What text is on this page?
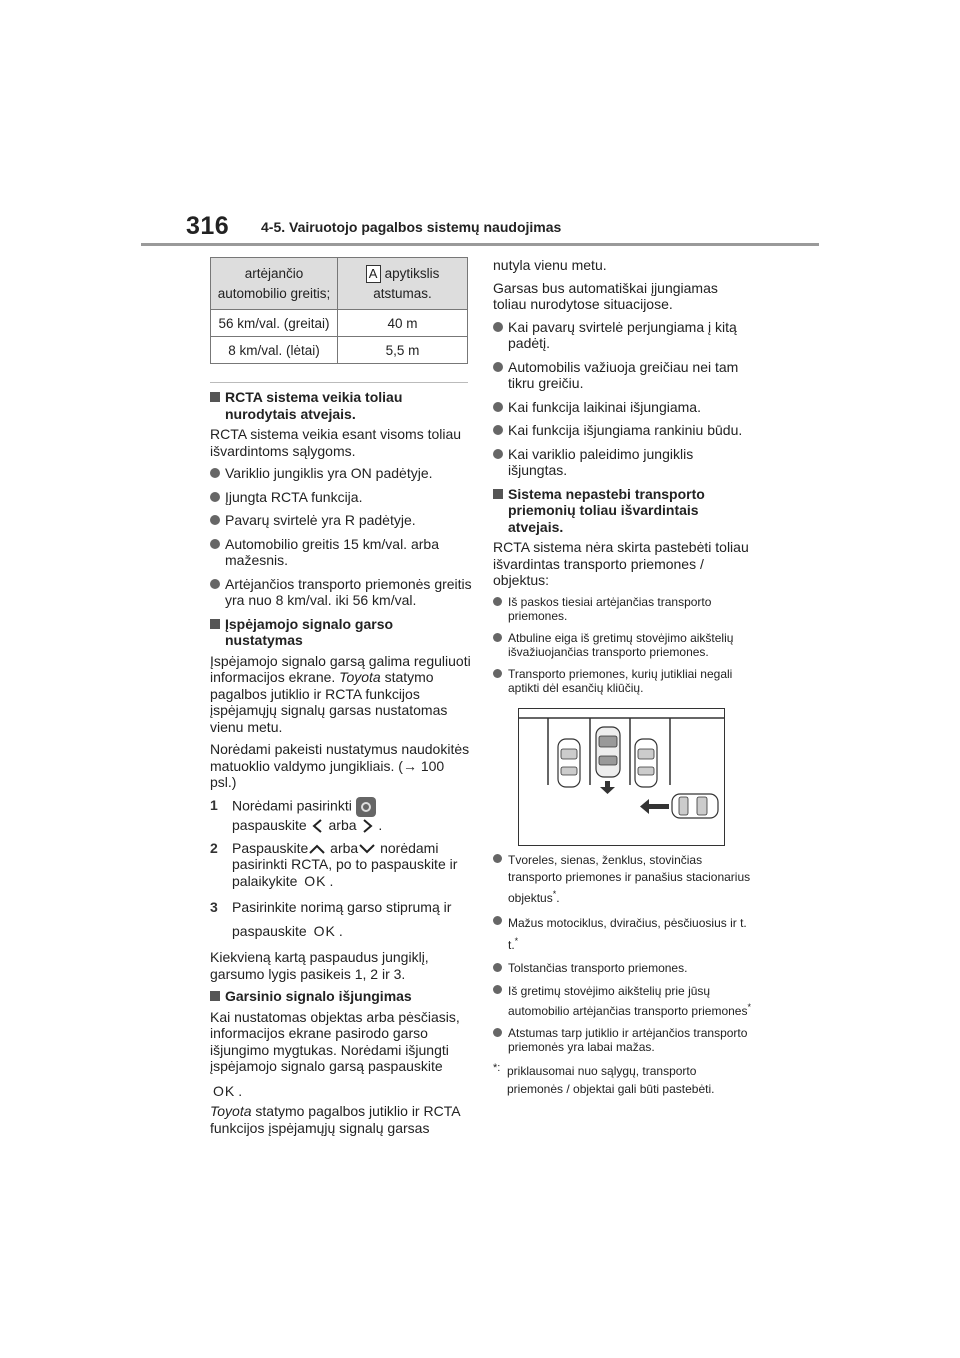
316 4-5. Vairuotojo pagalbos sistemų naudojimas
artėjančio automobilio greitis;	A apytikslis atstumas.
56 km/val. (greitai)	40 m
8 km/val. (lėtai)	5,5 m
RCTA sistema veikia toliau nurodytais atvejais.

RCTA sistema veikia esant visoms toliau išvardintoms sąlygoms.

Variklio jungiklis yra ON padėtyje.
Įjungta RCTA funkcija.
Pavarų svirtelė yra R padėtyje.
Automobilio greitis 15 km/val. arba mažesnis.
Artėjančios transporto priemonės greitis yra nuo 8 km/val. iki 56 km/val.
Įspėjamojo signalo garso nustatymas

Įspėjamojo signalo garsą galima reguliuoti informacijos ekrane. Toyota statymo pagalbos jutiklio ir RCTA funkcijos įspėjamųjų signalų garsas nustatomas vienu metu.

Norėdami pakeisti nustatymus naudokitės matuoklio valdymo jungikliais. (→ 100 psl.)

1 Norėdami pasirinkti
paspauskite arba .
2 Paspauskite arba norėdami pasirinkti RCTA, po to paspauskite ir palaikykite OK .
3 Pasirinkite norimą garso stiprumą ir paspauskite OK .

Kiekvieną kartą paspaudus jungiklį, garsumo lygis pasikeis 1, 2 ir 3.

Garsinio signalo išjungimas

Kai nustatomas objektas arba pėsčiasis, informacijos ekrane pasirodo garso išjungimo mygtukas. Norėdami išjungti įspėjamojo signalo garsą paspauskite

OK .

Toyota statymo pagalbos jutiklio ir RCTA funkcijos įspėjamųjų signalų garsas

nutyla vienu metu.

Garsas bus automatiškai įjungiamas toliau nurodytose situacijose.

Kai pavarų svirtelė perjungiama į kitą padėtį.
Automobilis važiuoja greičiau nei tam tikru greičiu.
Kai funkcija laikinai išjungiama.
Kai funkcija išjungiama rankiniu būdu.
Kai variklio paleidimo jungiklis išjungtas.
Sistema nepastebi transporto priemonių toliau išvardintais atvejais.

RCTA sistema nėra skirta pastebėti toliau išvardintas transporto priemones / objektus:

Iš paskos tiesiai artėjančias transporto priemones.
Atbuline eiga iš gretimų stovėjimo aikštelių išvažiuojančias transporto priemones.
Transporto priemones, kurių jutikliai negali aptikti dėl esančių kliūčių.
Tvoreles, sienas, ženklus, stovinčias transporto priemones ir panašius stacionarius objektus*.
Mažus motociklus, dviračius, pėsčiuosius ir t. t.*
Tolstančias transporto priemones.
Iš gretimų stovėjimo aikštelių prie jūsų automobilio artėjančias transporto priemones*
Atstumas tarp jutiklio ir artėjančios transporto priemonės yra labai mažas.
*: priklausomai nuo sąlygų, transporto priemonės / objektai gali būti pastebėti.
